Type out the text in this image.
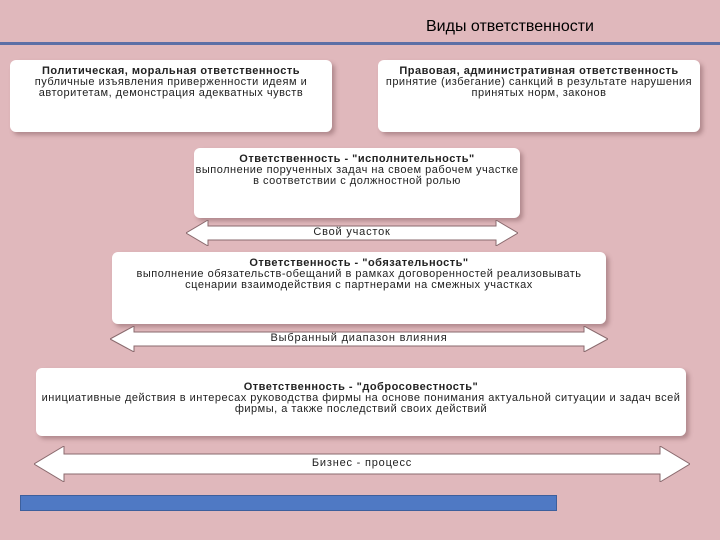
Виды ответственности
Политическая, моральная ответственность
публичные изъявления приверженности идеям и авторитетам, демонстрация адекватных чувств
Правовая, административная ответственность
принятие (избегание) санкций в результате нарушения принятых норм, законов
Ответственность - "исполнительность"
выполнение порученных задач на своем рабочем участке в соответствии с должностной ролью
Свой участок
Ответственность - "обязательность"
выполнение обязательств-обещаний в рамках договоренностей реализовывать сценарии взаимодействия с партнерами на смежных участках
Выбранный диапазон влияния
Ответственность - "добросовестность"
инициативные действия в интересах руководства фирмы на основе понимания актуальной ситуации и задач всей фирмы, а также последствий своих действий
Бизнес - процесс
